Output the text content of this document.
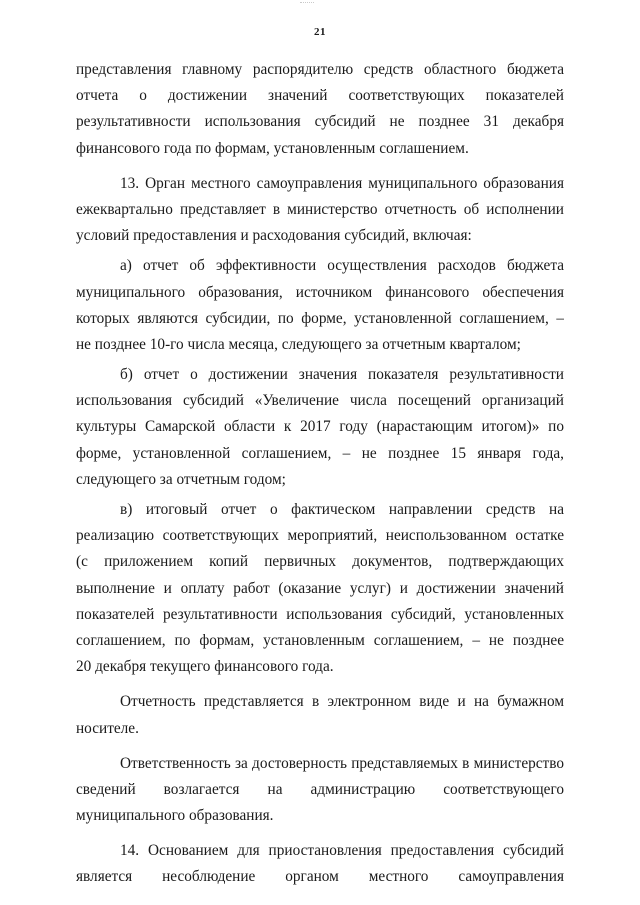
21
представления главному распорядителю средств областного бюджета
отчета о достижении значений соответствующих показателей
результативности использования субсидий не позднее 31 декабря
финансового года по формам, установленным соглашением.
13. Орган местного самоуправления муниципального образования
ежеквартально представляет в министерство отчетность об исполнении
условий предоставления и расходования субсидий, включая:
а) отчет об эффективности осуществления расходов бюджета
муниципального образования, источником финансового обеспечения
которых являются субсидии, по форме, установленной соглашением, –
не позднее 10-го числа месяца, следующего за отчетным кварталом;
б) отчет о достижении значения показателя результативности
использования субсидий «Увеличение числа посещений организаций
культуры Самарской области к 2017 году (нарастающим итогом)» по
форме, установленной соглашением, – не позднее 15 января года,
следующего за отчетным годом;
в) итоговый отчет о фактическом направлении средств на
реализацию соответствующих мероприятий, неиспользованном остатке
(с приложением копий первичных документов, подтверждающих
выполнение и оплату работ (оказание услуг) и достижении значений
показателей результативности использования субсидий, установленных
соглашением, по формам, установленным соглашением, – не позднее
20 декабря текущего финансового года.
Отчетность представляется в электронном виде и на бумажном
носителе.
Ответственность за достоверность представляемых в министерство
сведений возлагается на администрацию соответствующего
муниципального образования.
14. Основанием для приостановления предоставления субсидий
является несоблюдение органом местного самоуправления
